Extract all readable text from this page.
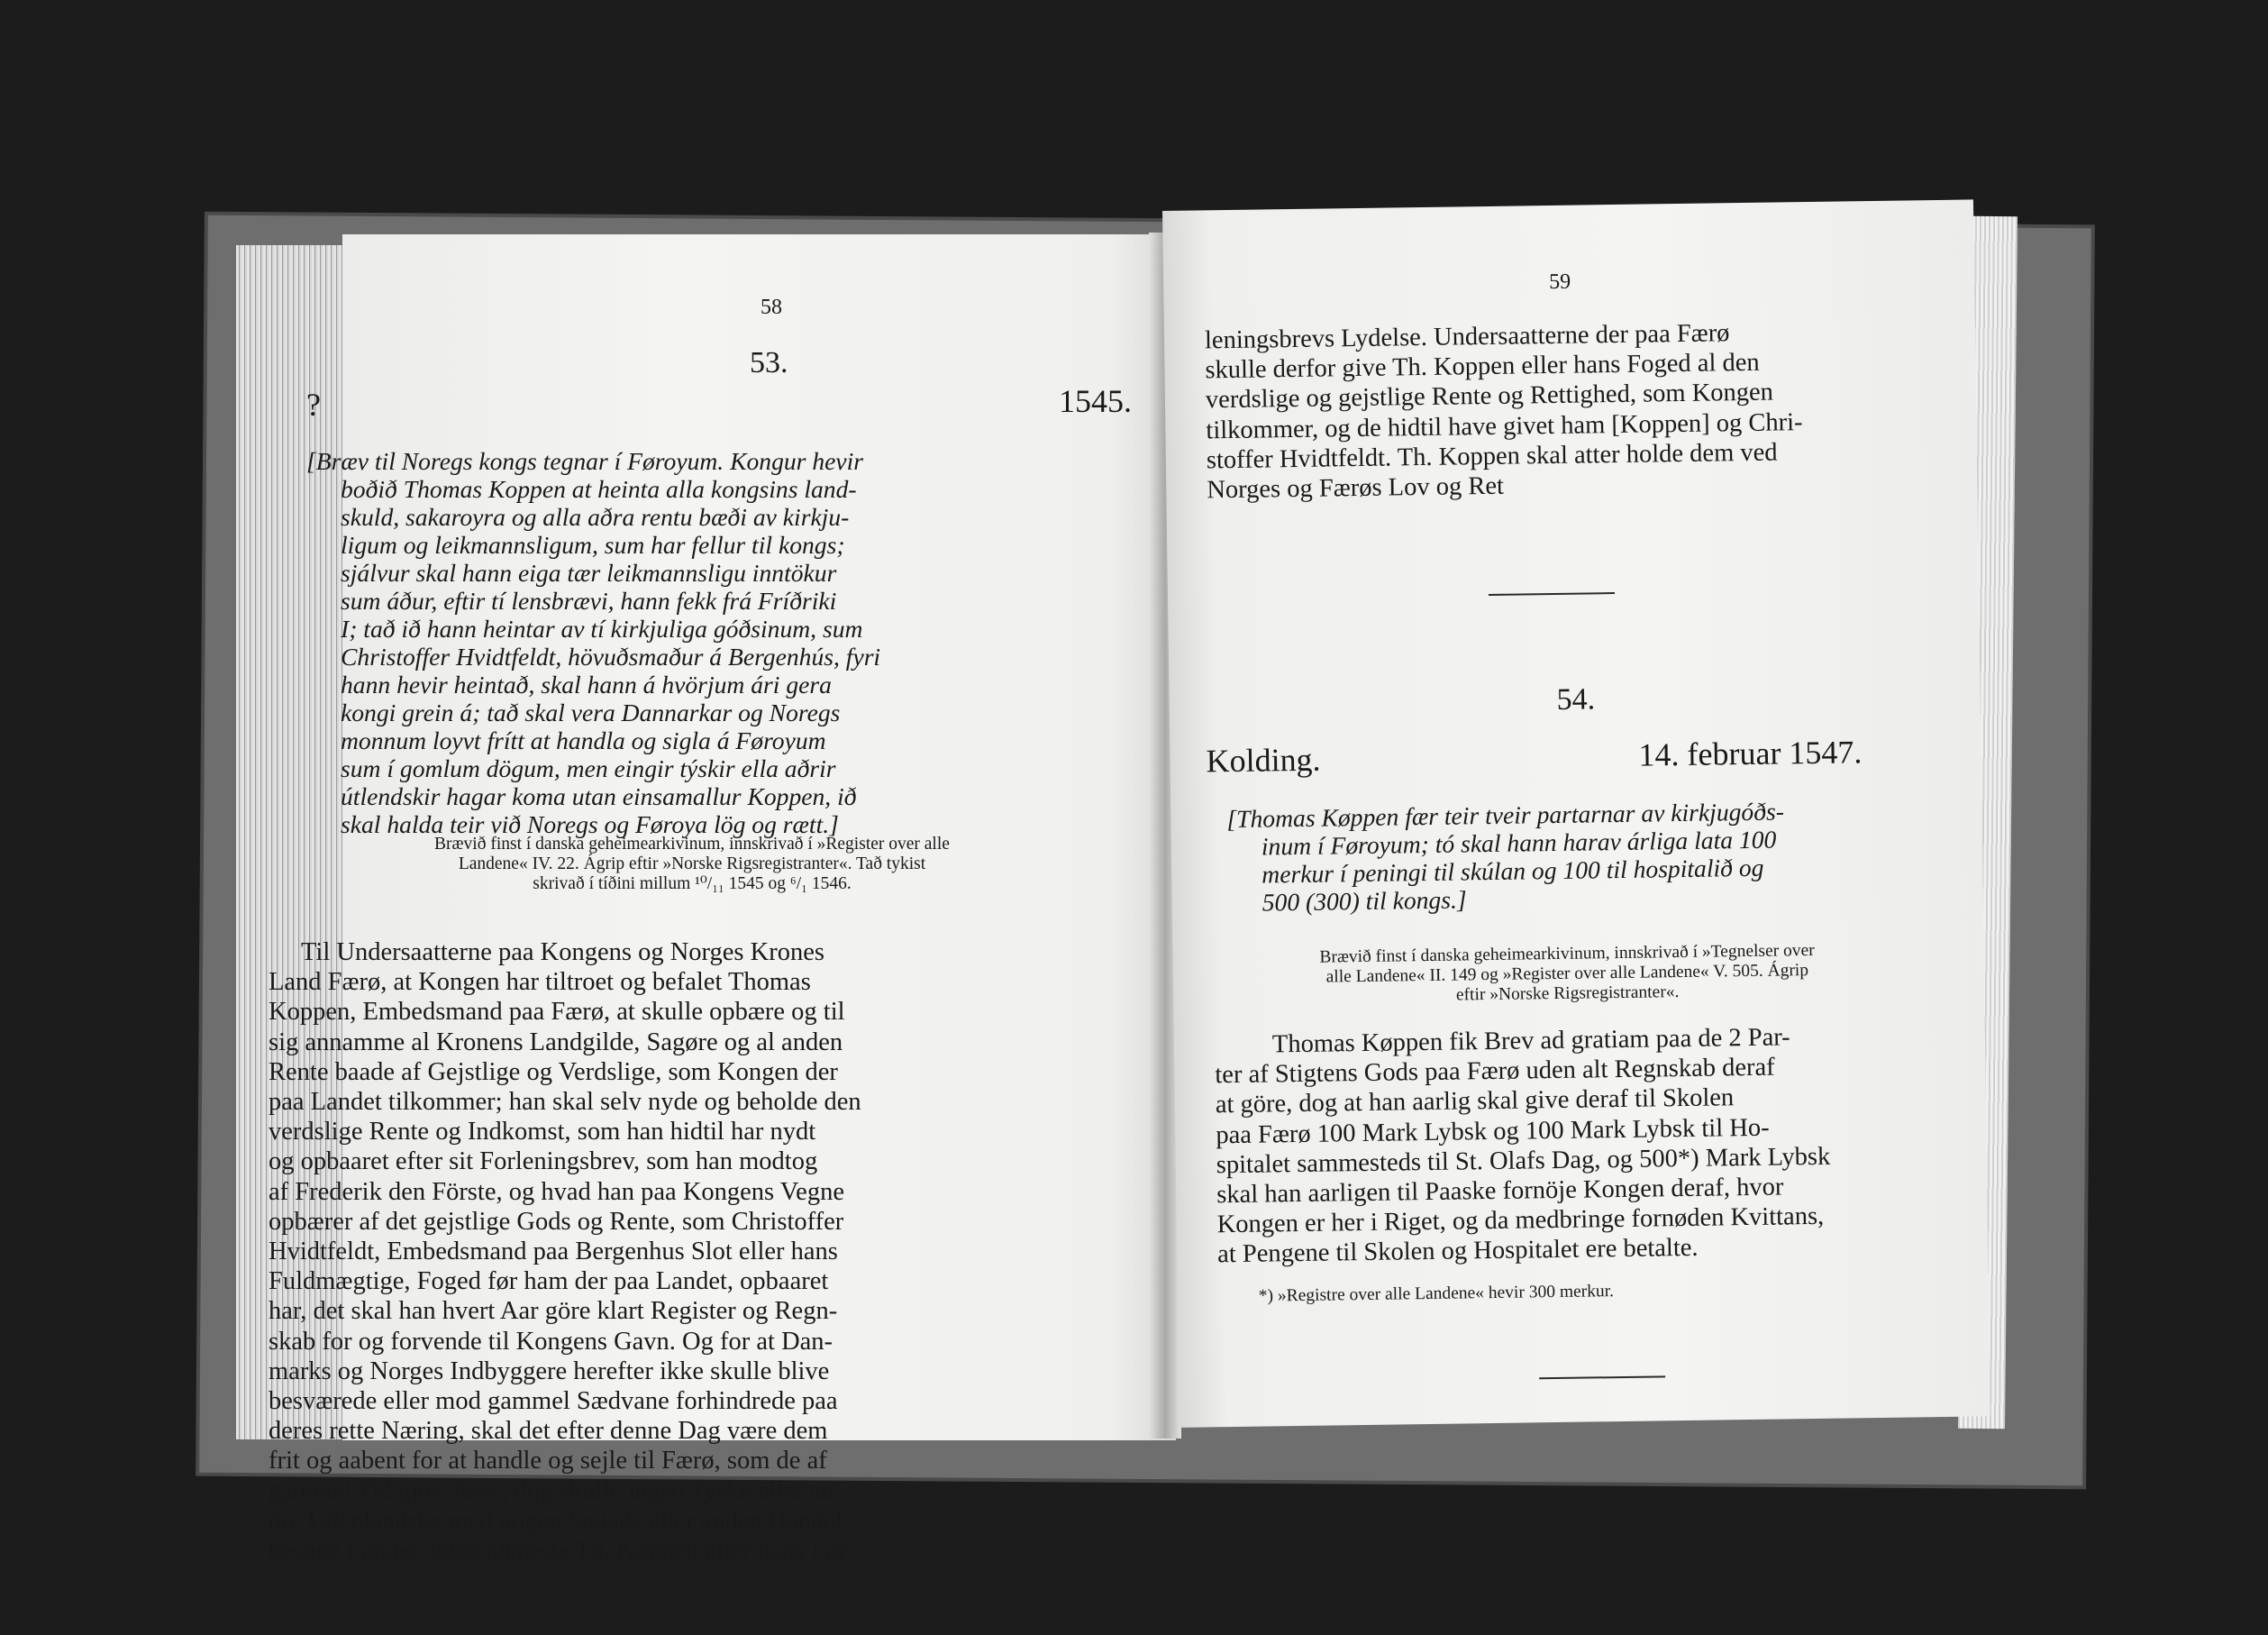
58
53.
?	1545.
[Bræv til Noregs kongs tegnar í Føroyum. Kongur hevir
boðið Thomas Koppen at heinta alla kongsins land-
skuld, sakaroyra og alla aðra rentu bæði av kirkju-
ligum og leikmannsligum, sum har fellur til kongs;
sjálvur skal hann eiga tær leikmannsligu inntökur
sum áður, eftir tí lensbrævi, hann fekk frá Fríðriki
I; tað ið hann heintar av tí kirkjuliga góðsinum, sum
Christoffer Hvidtfeldt, hövuðsmaður á Bergenhús, fyri
hann hevir heintað, skal hann á hvörjum ári gera
kongi grein á; tað skal vera Dannarkar og Noregs
monnum loyvt frítt at handla og sigla á Føroyum
sum í gomlum dögum, men eingir týskir ella aðrir
útlendskir hagar koma utan einsamallur Koppen, ið
skal halda teir við Noregs og Føroya lög og rætt.]
Brævið finst í danska geheimearkivinum, innskrivað í »Register over alle
Landene« IV. 22. Ágrip eftir »Norske Rigsregistranter«. Tað tykist
skrivað í tíðini millum ¹⁰/₁₁ 1545 og ⁶/₁ 1546.
Til Undersaatterne paa Kongens og Norges Krones
Land Færø, at Kongen har tiltroet og befalet Thomas
Koppen, Embedsmand paa Færø, at skulle opbære og til
sig annamme al Kronens Landgilde, Sagøre og al anden
Rente baade af Gejstlige og Verdslige, som Kongen der
paa Landet tilkommer; han skal selv nyde og beholde den
verdslige Rente og Indkomst, som han hidtil har nydt
og opbaaret efter sit Forleningsbrev, som han modtog
af Frederik den Förste, og hvad han paa Kongens Vegne
opbærer af det gejstlige Gods og Rente, som Christoffer
Hvidtfeldt, Embedsmand paa Bergenhus Slot eller hans
Fuldmægtige, Foged før ham der paa Landet, opbaaret
har, det skal han hvert Aar göre klart Register og Regn-
skab for og forvende til Kongens Gavn. Og for at Dan-
marks og Norges Indbyggere herefter ikke skulle blive
besværede eller mod gammel Sædvane forhindrede paa
deres rette Næring, skal det efter denne Dag være dem
frit og aabent for at handle og sejle til Færø, som de af
gammel Tid gjort have, dog skulle ingen Tyske eller an-
dre Udenlandske med nogen Sejlads eller anden Handel
besøge Landet, uden aleneste Th. Koppen efter hans For-
59
leningsbrevs Lydelse. Undersaatterne der paa Færø
skulle derfor give Th. Koppen eller hans Foged al den
verdslige og gejstlige Rente og Rettighed, som Kongen
tilkommer, og de hidtil have givet ham [Koppen] og Chri-
stoffer Hvidtfeldt. Th. Koppen skal atter holde dem ved
Norges og Færøs Lov og Ret
54.
Kolding.	14. februar 1547.
[Thomas Køppen fær teir tveir partarnar av kirkjugóðs-
inum í Føroyum; tó skal hann harav árliga lata 100
merkur í peningi til skúlan og 100 til hospitalið og
500 (300) til kongs.]
Brævið finst í danska geheimearkivinum, innskrivað í »Tegnelser over
alle Landene« II. 149 og »Register over alle Landene« V. 505. Ágrip
eftir »Norske Rigsregistranter«.
Thomas Køppen fik Brev ad gratiam paa de 2 Par-
ter af Stigtens Gods paa Færø uden alt Regnskab deraf
at göre, dog at han aarlig skal give deraf til Skolen
paa Færø 100 Mark Lybsk og 100 Mark Lybsk til Ho-
spitalet sammesteds til St. Olafs Dag, og 500*) Mark Lybsk
skal han aarligen til Paaske fornöje Kongen deraf, hvor
Kongen er her i Riget, og da medbringe fornøden Kvittans,
at Pengene til Skolen og Hospitalet ere betalte.
*) »Registre over alle Landene« hevir 300 merkur.
